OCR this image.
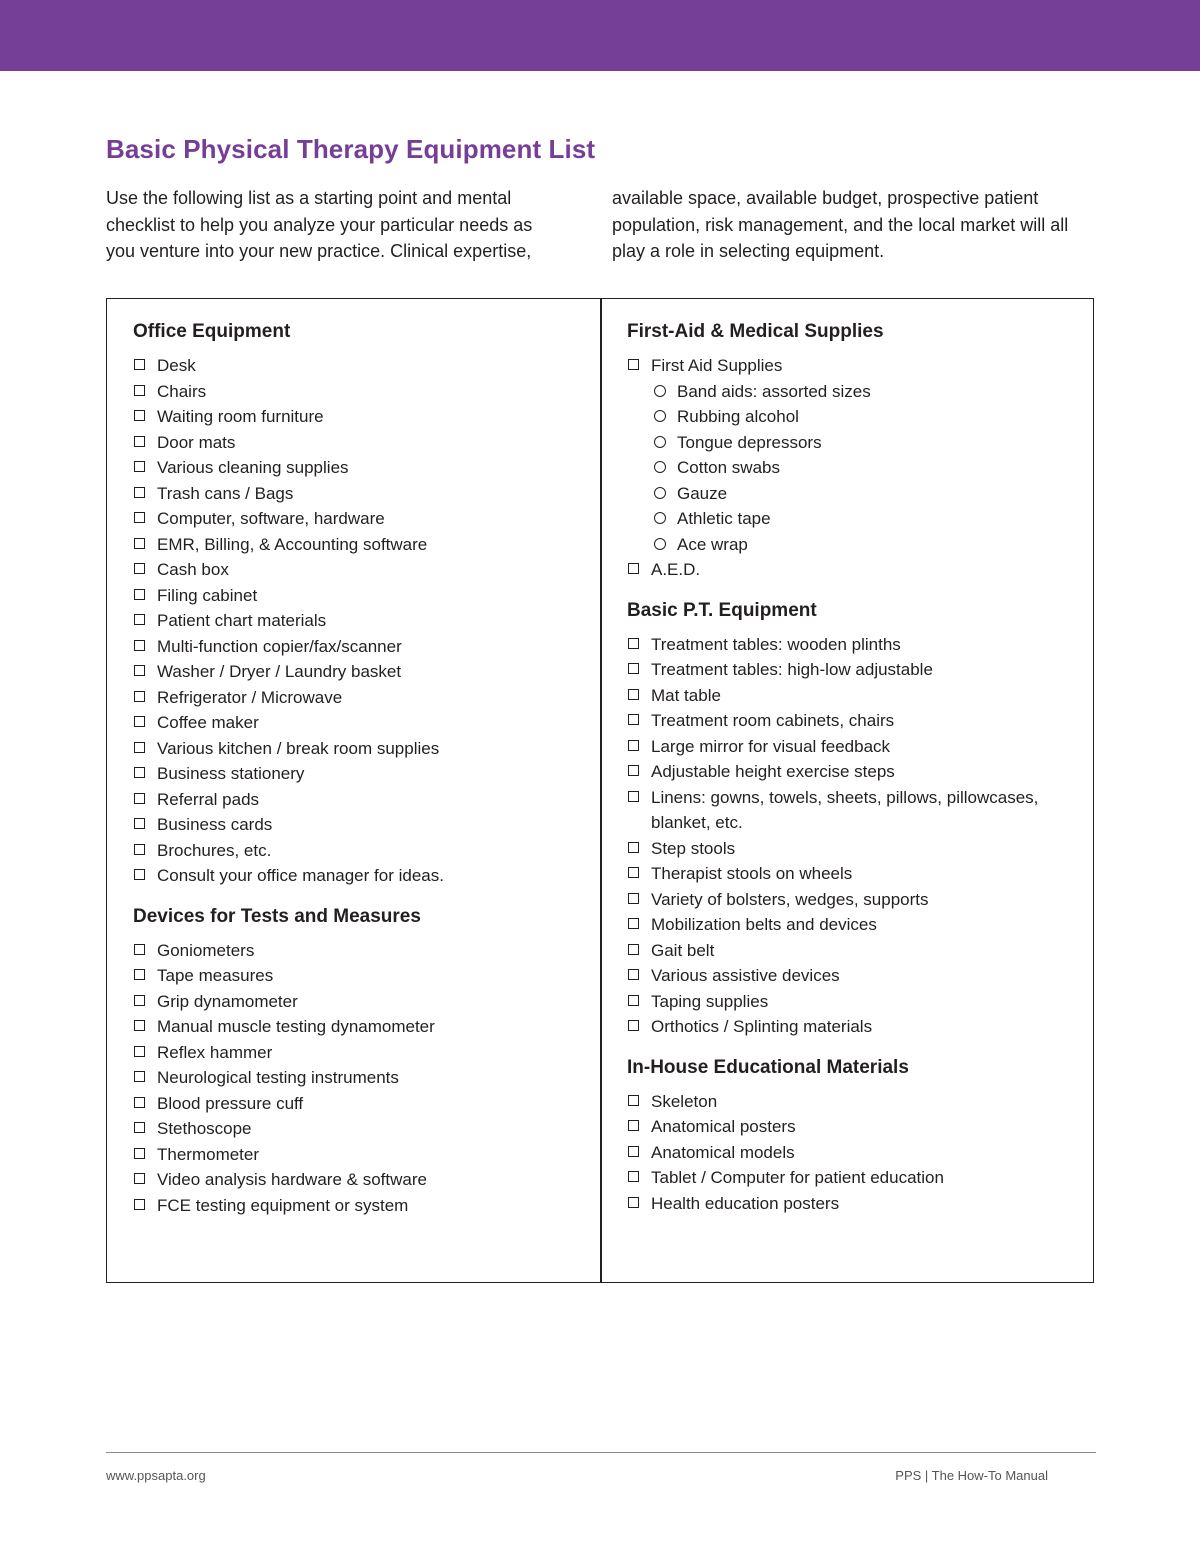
Basic Physical Therapy Equipment List

Use the following list as a starting point and mental checklist to help you analyze your particular needs as you venture into your new practice. Clinical expertise,

available space, available budget, prospective patient population, risk management, and the local market will all play a role in selecting equipment.

Office Equipment
Desk
Chairs
Waiting room furniture
Door mats
Various cleaning supplies
Trash cans / Bags
Computer, software, hardware
EMR, Billing, & Accounting software
Cash box
Filing cabinet
Patient chart materials
Multi-function copier/fax/scanner
Washer / Dryer / Laundry basket
Refrigerator / Microwave
Coffee maker
Various kitchen / break room supplies
Business stationery
Referral pads
Business cards
Brochures, etc.
Consult your office manager for ideas.
Devices for Tests and Measures
Goniometers
Tape measures
Grip dynamometer
Manual muscle testing dynamometer
Reflex hammer
Neurological testing instruments
Blood pressure cuff
Stethoscope
Thermometer
Video analysis hardware & software
FCE testing equipment or system
First-Aid & Medical Supplies
First Aid Supplies
Band aids: assorted sizes
Rubbing alcohol
Tongue depressors
Cotton swabs
Gauze
Athletic tape
Ace wrap
A.E.D.
Basic P.T. Equipment
Treatment tables: wooden plinths
Treatment tables: high-low adjustable
Mat table
Treatment room cabinets, chairs
Large mirror for visual feedback
Adjustable height exercise steps
Linens: gowns, towels, sheets, pillows, pillowcases, blanket, etc.
Step stools
Therapist stools on wheels
Variety of bolsters, wedges, supports
Mobilization belts and devices
Gait belt
Various assistive devices
Taping supplies
Orthotics / Splinting materials
In-House Educational Materials
Skeleton
Anatomical posters
Anatomical models
Tablet / Computer for patient education
Health education posters
www.ppsapta.org	PPS | The How-To Manual
